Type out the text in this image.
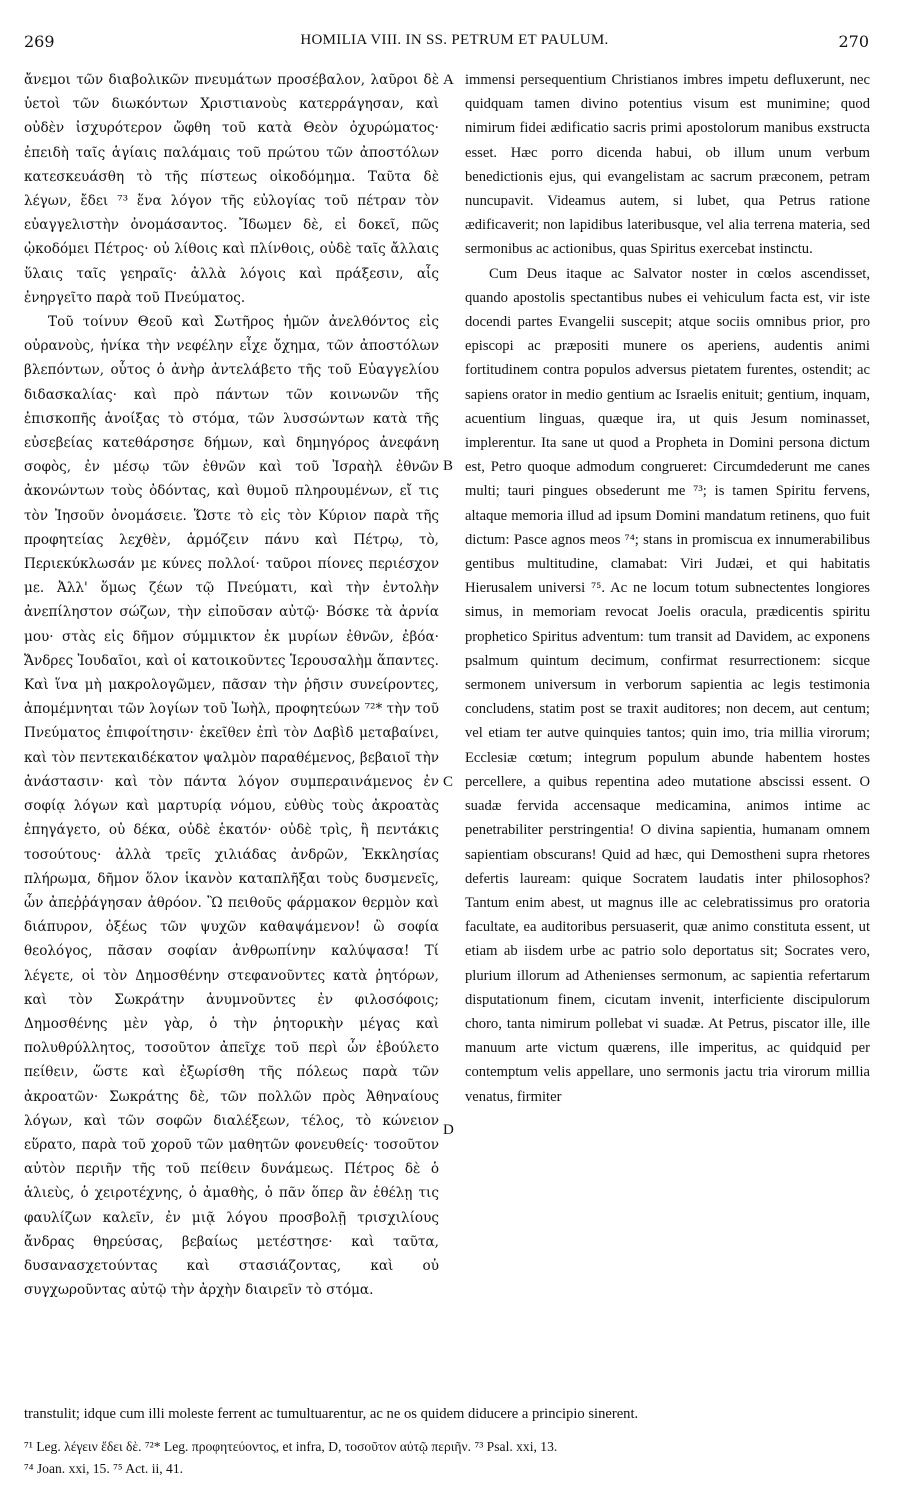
269	HOMILIA VIII. IN SS. PETRUM ET PAULUM.	270

ἄνεμοι τῶν διαβολικῶν πνευμάτων προσέβαλον, λαῦροι δὲ ὑετοὶ τῶν διωκόντων Χριστιανοὺς κατερράγησαν, καὶ οὐδὲν ἰσχυρότερον ὤφθη τοῦ κατὰ Θεὸν ὀχυρώματος· ἐπειδὴ ταῖς ἁγίαις παλάμαις τοῦ πρώτου τῶν ἀποστόλων κατεσκευάσθη τὸ τῆς πίστεως οἰκοδόμημα. Ταῦτα δὲ λέγων, ἔδει ⁷³ ἕνα λόγον τῆς εὐλογίας τοῦ πέτραν τὸν εὐαγγελιστὴν ὀνομάσαντος. Ἴδωμεν δὲ, εἰ δοκεῖ, πῶς ᾠκοδόμει Πέτρος· οὐ λίθοις καὶ πλίνθοις, οὐδὲ ταῖς ἄλλαις ὕλαις ταῖς γεηραῖς· ἀλλὰ λόγοις καὶ πράξεσιν, αἷς ἐνηργεῖτο παρὰ τοῦ Πνεύματος.

Τοῦ τοίνυν Θεοῦ καὶ Σωτῆρος ἡμῶν ἀνελθόντος εἰς οὐρανοὺς, ἡνίκα τὴν νεφέλην εἶχε ὄχημα, τῶν ἀποστόλων βλεπόντων, οὗτος ὁ ἀνὴρ ἀντελάβετο τῆς τοῦ Εὐαγγελίου διδασκαλίας· καὶ πρὸ πάντων τῶν κοινωνῶν τῆς ἐπισκοπῆς ἀνοίξας τὸ στόμα, τῶν λυσσώντων κατὰ τῆς εὐσεβείας κατεθάρσησε δήμων, καὶ δημηγόρος ἀνεφάνη σοφὸς, ἐν μέσῳ τῶν ἐθνῶν καὶ τοῦ Ἰσραὴλ ἐθνῶν ἀκονώντων τοὺς ὀδόντας, καὶ θυμοῦ πληρουμένων, εἴ τις τὸν Ἰησοῦν ὀνομάσειε. Ὥστε τὸ εἰς τὸν Κύριον παρὰ τῆς προφητείας λεχθὲν, ἁρμόζειν πάνυ καὶ Πέτρῳ, τὸ, Περιεκύκλωσάν με κύνες πολλοί· ταῦροι πίονες περιέσχον με. Ἀλλ' ὅμως ζέων τῷ Πνεύματι, καὶ τὴν ἐντολὴν ἀνεπίληστον σώζων, τὴν εἰποῦσαν αὐτῷ· Βόσκε τὰ ἀρνία μου· στὰς εἰς δῆμον σύμμικτον ἐκ μυρίων ἐθνῶν, ἐβόα· Ἄνδρες Ἰουδαῖοι, καὶ οἱ κατοικοῦντες Ἱερουσαλὴμ ἅπαντες. Καὶ ἵνα μὴ μακρολογῶμεν, πᾶσαν τὴν ῥῆσιν συνείροντες, ἀπομέμνηται τῶν λογίων τοῦ Ἰωὴλ, προφητεύων ⁷²* τὴν τοῦ Πνεύματος ἐπιφοίτησιν· ἐκεῖθεν ἐπὶ τὸν Δαβὶδ μεταβαίνει, καὶ τὸν πεντεκαιδέκατον ψαλμὸν παραθέμενος, βεβαιοῖ τὴν ἀνάστασιν· καὶ τὸν πάντα λόγον συμπεραινάμενος ἐν σοφίᾳ λόγων καὶ μαρτυρίᾳ νόμου, εὐθὺς τοὺς ἀκροατὰς ἐπηγάγετο, οὐ δέκα, οὐδὲ ἑκατόν· οὐδὲ τρὶς, ἢ πεντάκις τοσούτους· ἀλλὰ τρεῖς χιλιάδας ἀνδρῶν, Ἐκκλησίας πλήρωμα, δῆμον ὅλον ἱκανὸν καταπλῆξαι τοὺς δυσμενεῖς, ὧν ἀπεῤῥάγησαν ἀθρόον. Ὢ πειθοῦς φάρμακον θερμὸν καὶ διάπυρον, ὀξέως τῶν ψυχῶν καθαψάμενον! ὢ σοφία θεολόγος, πᾶσαν σοφίαν ἀνθρωπίνην καλύψασα! Τί λέγετε, οἱ τὸν Δημοσθένην στεφανοῦντες κατὰ ῥητόρων, καὶ τὸν Σωκράτην ἀνυμνοῦντες ἐν φιλοσόφοις; Δημοσθένης μὲν γὰρ, ὁ τὴν ῥητορικὴν μέγας καὶ πολυθρύλλητος, τοσοῦτον ἀπεῖχε τοῦ περὶ ὧν ἐβούλετο πείθειν, ὥστε καὶ ἐξωρίσθη τῆς πόλεως παρὰ τῶν ἀκροατῶν· Σωκράτης δὲ, τῶν πολλῶν πρὸς Ἀθηναίους λόγων, καὶ τῶν σοφῶν διαλέξεων, τέλος, τὸ κώνειον εὕρατο, παρὰ τοῦ χοροῦ τῶν μαθητῶν φονευθείς· τοσοῦτον αὐτὸν περιῆν τῆς τοῦ πείθειν δυνάμεως. Πέτρος δὲ ὁ ἁλιεὺς, ὁ χειροτέχνης, ὁ ἀμαθὴς, ὁ πᾶν ὅπερ ἂν ἐθέλῃ τις φαυλίζων καλεῖν, ἐν μιᾷ λόγου προσβολῇ τρισχιλίους ἄνδρας θηρεύσας, βεβαίως μετέστησε· καὶ ταῦτα, δυσανασχετούντας καὶ στασιάζοντας, καὶ οὐ συγχωροῦντας αὐτῷ τὴν ἀρχὴν διαιρεῖν τὸ στόμα.

A
B
C
D

immensi persequentium Christianos imbres impetu defluxerunt, nec quidquam tamen divino potentius visum est munimine; quod nimirum fidei ædificatio sacris primi apostolorum manibus exstructa esset. Hæc porro dicenda habui, ob illum unum verbum benedictionis ejus, qui evangelistam ac sacrum præconem, petram nuncupavit. Videamus autem, si lubet, qua Petrus ratione ædificaverit; non lapidibus lateribusque, vel alia terrena materia, sed sermonibus ac actionibus, quas Spiritus exercebat instinctu.

Cum Deus itaque ac Salvator noster in cœlos ascendisset, quando apostolis spectantibus nubes ei vehiculum facta est, vir iste docendi partes Evangelii suscepit; atque sociis omnibus prior, pro episcopi ac præpositi munere os aperiens, audentis animi fortitudinem contra populos adversus pietatem furentes, ostendit; ac sapiens orator in medio gentium ac Israelis enituit; gentium, inquam, acuentium linguas, quæque ira, ut quis Jesum nominasset, implerentur. Ita sane ut quod a Propheta in Domini persona dictum est, Petro quoque admodum congrueret: Circumdederunt me canes multi; tauri pingues obsederunt me ⁷³; is tamen Spiritu fervens, altaque memoria illud ad ipsum Domini mandatum retinens, quo fuit dictum: Pasce agnos meos ⁷⁴; stans in promiscua ex innumerabilibus gentibus multitudine, clamabat: Viri Judæi, et qui habitatis Hierusalem universi ⁷⁵. Ac ne locum totum subnectentes longiores simus, in memoriam revocat Joelis oracula, prædicentis spiritu prophetico Spiritus adventum: tum transit ad Davidem, ac exponens psalmum quintum decimum, confirmat resurrectionem: sicque sermonem universum in verborum sapientia ac legis testimonia concludens, statim post se traxit auditores; non decem, aut centum; vel etiam ter autve quinquies tantos; quin imo, tria millia virorum; Ecclesiæ cœtum; integrum populum abunde habentem hostes percellere, a quibus repentina adeo mutatione abscissi essent. O suadæ fervida accensaque medicamina, animos intime ac penetrabiliter perstringentia! O divina sapientia, humanam omnem sapientiam obscurans! Quid ad hæc, qui Demostheni supra rhetores defertis lauream: quique Socratem laudatis inter philosophos? Tantum enim abest, ut magnus ille ac celebratissimus pro oratoria facultate, ea auditoribus persuaserit, quæ animo constituta essent, ut etiam ab iisdem urbe ac patrio solo deportatus sit; Socrates vero, plurium illorum ad Athenienses sermonum, ac sapientia refertarum disputationum finem, cicutam invenit, interficiente discipulorum choro, tanta nimirum pollebat vi suadæ. At Petrus, piscator ille, ille manuum arte victum quærens, ille imperitus, ac quidquid per contemptum velis appellare, uno sermonis jactu tria virorum millia venatus, firmiter

transtulit; idque cum illi moleste ferrent ac tumultuarentur, ac ne os quidem diducere a principio sinerent.
⁷¹ Leg. λέγειν ἔδει δὲ. ⁷²* Leg. προφητεύοντος, et infra, D, τοσοῦτον αὐτῷ περιῆν. ⁷³ Psal. xxi, 13.
⁷⁴ Joan. xxi, 15. ⁷⁵ Act. ii, 41.
